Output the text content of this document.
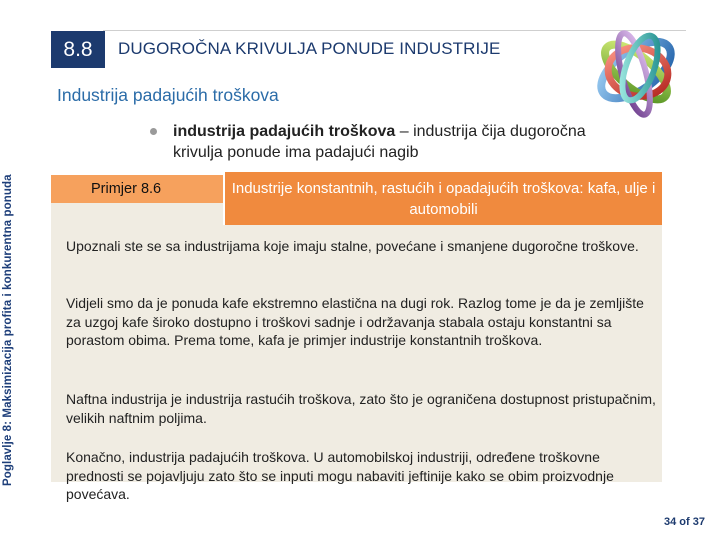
Poglavlje 8: Maksimizacija profita i konkurentna ponuda
8.8	DUGOROČNA KRIVULJA PONUDE INDUSTRIJE
Industrija padajućih troškova
industrija padajućih troškova – industrija čija dugoročna krivulja ponude ima padajući nagib
Primjer 8.6	Industrije konstantnih, rastućih i opadajućih troškova: kafa, ulje i automobili
Upoznali ste se sa industrijama koje imaju stalne, povećane i smanjene dugoročne troškove.
Vidjeli smo da je ponuda kafe ekstremno elastična na dugi rok. Razlog tome je da je zemljište za uzgoj kafe široko dostupno i troškovi sadnje i održavanja stabala ostaju konstantni sa porastom obima. Prema tome, kafa je primjer industrije konstantnih troškova.
Naftna industrija je industrija rastućih troškova, zato što je ograničena dostupnost pristupačnim, velikih naftnim poljima.
Konačno, industrija padajućih troškova. U automobilskoj industriji, određene troškovne prednosti se pojavljuju zato što se inputi mogu nabaviti jeftinije kako se obim proizvodnje povećava.
34 of 37
